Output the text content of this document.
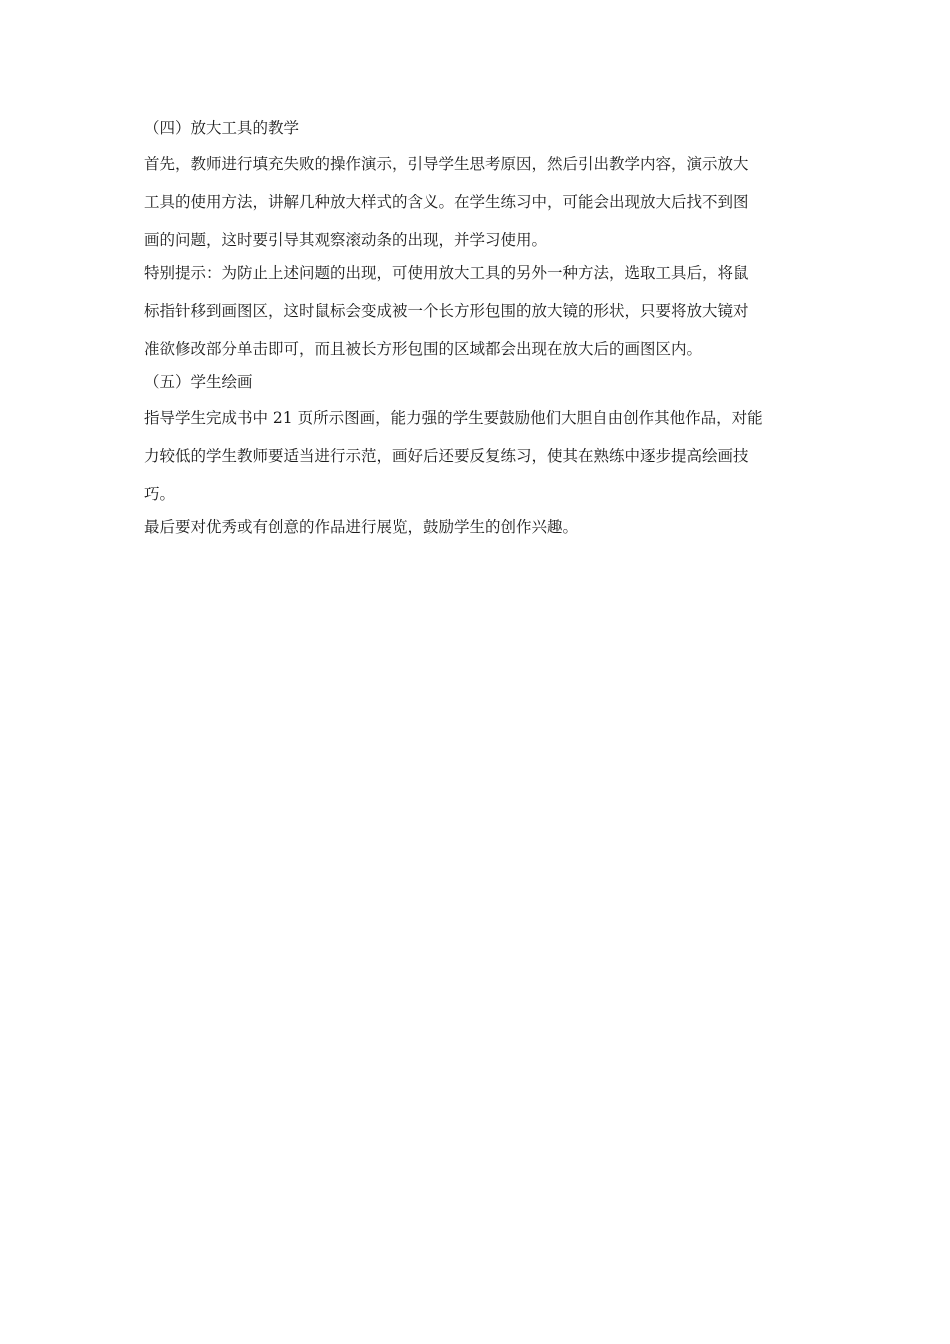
（四）放大工具的教学
首先，教师进行填充失败的操作演示，引导学生思考原因，然后引出教学内容，演示放大
工具的使用方法，讲解几种放大样式的含义。在学生练习中，可能会出现放大后找不到图
画的问题，这时要引导其观察滚动条的出现，并学习使用。
特别提示：为防止上述问题的出现，可使用放大工具的另外一种方法，选取工具后，将鼠
标指针移到画图区，这时鼠标会变成被一个长方形包围的放大镜的形状，只要将放大镜对
准欲修改部分单击即可，而且被长方形包围的区域都会出现在放大后的画图区内。
（五）学生绘画
指导学生完成书中 21 页所示图画，能力强的学生要鼓励他们大胆自由创作其他作品，对能
力较低的学生教师要适当进行示范，画好后还要反复练习，使其在熟练中逐步提高绘画技
巧。
最后要对优秀或有创意的作品进行展览，鼓励学生的创作兴趣。
